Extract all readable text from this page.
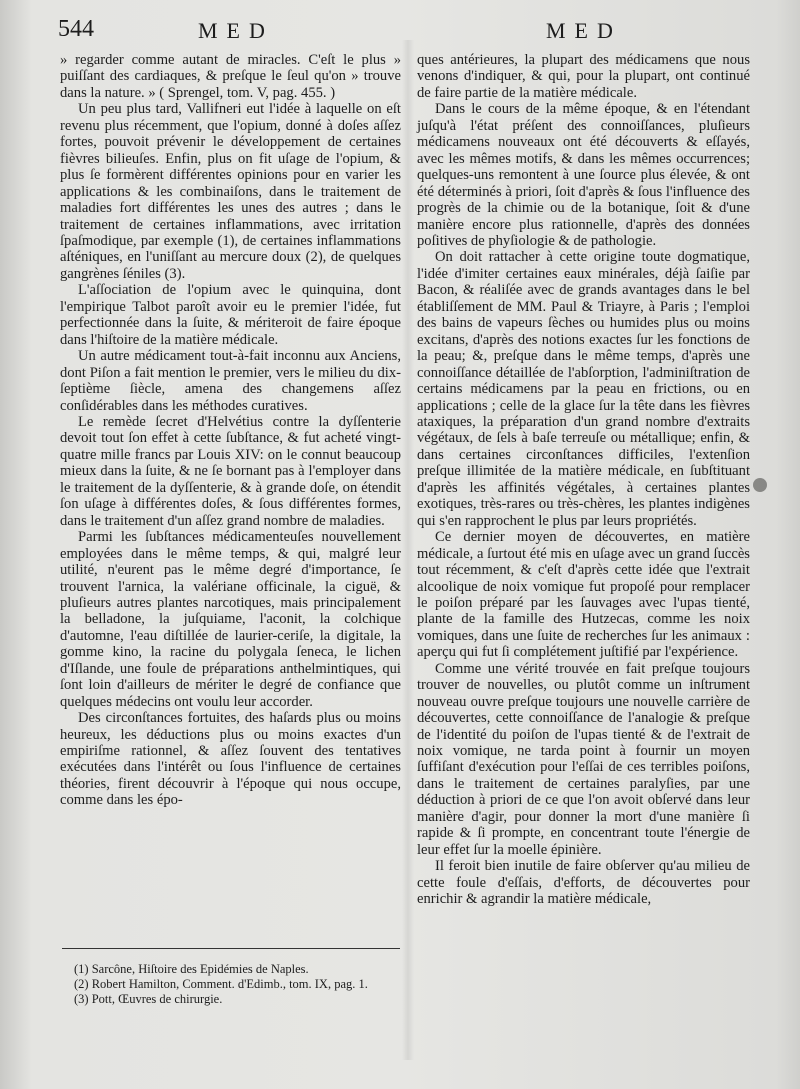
544	MED	MED

» regarder comme autant de miracles. C'eſt le plus » puiſſant des cardiaques, & preſque le ſeul qu'on » trouve dans la nature. » ( Sprengel, tom. V, pag. 455. )

Un peu plus tard, Vallifneri eut l'idée à laquelle on eſt revenu plus récemment, que l'opium, donné à doſes aſſez fortes, pouvoit prévenir le développement de certaines fièvres bilieuſes. Enfin, plus on fit uſage de l'opium, & plus ſe formèrent différentes opinions pour en varier les applications & les combinaiſons, dans le traitement de maladies fort différentes les unes des autres ; dans le traitement de certaines inflammations, avec irritation ſpaſmodique, par exemple (1), de certaines inflammations aſténiques, en l'uniſſant au mercure doux (2), de quelques gangrènes ſéniles (3).

L'aſſociation de l'opium avec le quinquina, dont l'empirique Talbot paroît avoir eu le premier l'idée, fut perfectionnée dans la ſuite, & mériteroit de faire époque dans l'hiſtoire de la matière médicale.

Un autre médicament tout-à-fait inconnu aux Anciens, dont Piſon a fait mention le premier, vers le milieu du dix-ſeptième ſiècle, amena des changemens aſſez conſidérables dans les méthodes curatives.

Le remède ſecret d'Helvétius contre la dyſſenterie devoit tout ſon effet à cette ſubſtance, & fut acheté vingt-quatre mille francs par Louis XIV: on le connut beaucoup mieux dans la ſuite, & ne ſe bornant pas à l'employer dans le traitement de la dyſſenterie, & à grande doſe, on étendit ſon uſage à différentes doſes, & ſous différentes formes, dans le traitement d'un aſſez grand nombre de maladies.

Parmi les ſubſtances médicamenteuſes nouvellement employées dans le même temps, & qui, malgré leur utilité, n'eurent pas le même degré d'importance, ſe trouvent l'arnica, la valériane officinale, la ciguë, & pluſieurs autres plantes narcotiques, mais principalement la belladone, la juſquiame, l'aconit, la colchique d'automne, l'eau diſtillée de laurier-ceriſe, la digitale, la gomme kino, la racine du polygala ſeneca, le lichen d'Iſlande, une foule de préparations anthelmintiques, qui ſont loin d'ailleurs de mériter le degré de confiance que quelques médecins ont voulu leur accorder.

Des circonſtances fortuites, des haſards plus ou moins heureux, les déductions plus ou moins exactes d'un empiriſme rationnel, & aſſez ſouvent des tentatives exécutées dans l'intérêt ou ſous l'influence de certaines théories, firent découvrir à l'époque qui nous occupe, comme dans les épo-

ques antérieures, la plupart des médicamens que nous venons d'indiquer, & qui, pour la plupart, ont continué de faire partie de la matière médicale.

Dans le cours de la même époque, & en l'étendant juſqu'à l'état préſent des connoiſſances, pluſieurs médicamens nouveaux ont été découverts & eſſayés, avec les mêmes motifs, & dans les mêmes occurrences; quelques-uns remontent à une ſource plus élevée, & ont été déterminés à priori, ſoit d'après & ſous l'influence des progrès de la chimie ou de la botanique, ſoit & d'une manière encore plus rationnelle, d'après des données poſitives de phyſiologie & de pathologie.

On doit rattacher à cette origine toute dogmatique, l'idée d'imiter certaines eaux minérales, déjà ſaiſie par Bacon, & réaliſée avec de grands avantages dans le bel établiſſement de MM. Paul & Triayre, à Paris ; l'emploi des bains de vapeurs ſèches ou humides plus ou moins excitans, d'après des notions exactes ſur les fonctions de la peau; &, preſque dans le même temps, d'après une connoiſſance détaillée de l'abſorption, l'adminiſtration de certains médicamens par la peau en frictions, ou en applications ; celle de la glace ſur la tête dans les fièvres ataxiques, la préparation d'un grand nombre d'extraits végétaux, de ſels à baſe terreuſe ou métallique; enfin, & dans certaines circonſtances difficiles, l'extenſion preſque illimitée de la matière médicale, en ſubſtituant d'après les affinités végétales, à certaines plantes exotiques, très-rares ou très-chères, les plantes indigènes qui s'en rapprochent le plus par leurs propriétés.

Ce dernier moyen de découvertes, en matière médicale, a ſurtout été mis en uſage avec un grand ſuccès tout récemment, & c'eſt d'après cette idée que l'extrait alcoolique de noix vomique fut propoſé pour remplacer le poiſon préparé par les ſauvages avec l'upas tienté, plante de la famille des Hutzecas, comme les noix vomiques, dans une ſuite de recherches ſur les animaux : aperçu qui fut ſi complétement juſtifié par l'expérience.

Comme une vérité trouvée en fait preſque toujours trouver de nouvelles, ou plutôt comme un inſtrument nouveau ouvre preſque toujours une nouvelle carrière de découvertes, cette connoiſſance de l'analogie & preſque de l'identité du poiſon de l'upas tienté & de l'extrait de noix vomique, ne tarda point à fournir un moyen ſuffiſant d'exécution pour l'eſſai de ces terribles poiſons, dans le traitement de certaines paralyſies, par une déduction à priori de ce que l'on avoit obſervé dans leur manière d'agir, pour donner la mort d'une manière ſi rapide & ſi prompte, en concentrant toute l'énergie de leur effet ſur la moelle épinière.

Il feroit bien inutile de faire obſerver qu'au milieu de cette foule d'eſſais, d'efforts, de découvertes pour enrichir & agrandir la matière médicale,

(1) Sarcône, Hiſtoire des Epidémies de Naples.
(2) Robert Hamilton, Comment. d'Edimb., tom. IX, pag. 1.
(3) Pott, Œuvres de chirurgie.
